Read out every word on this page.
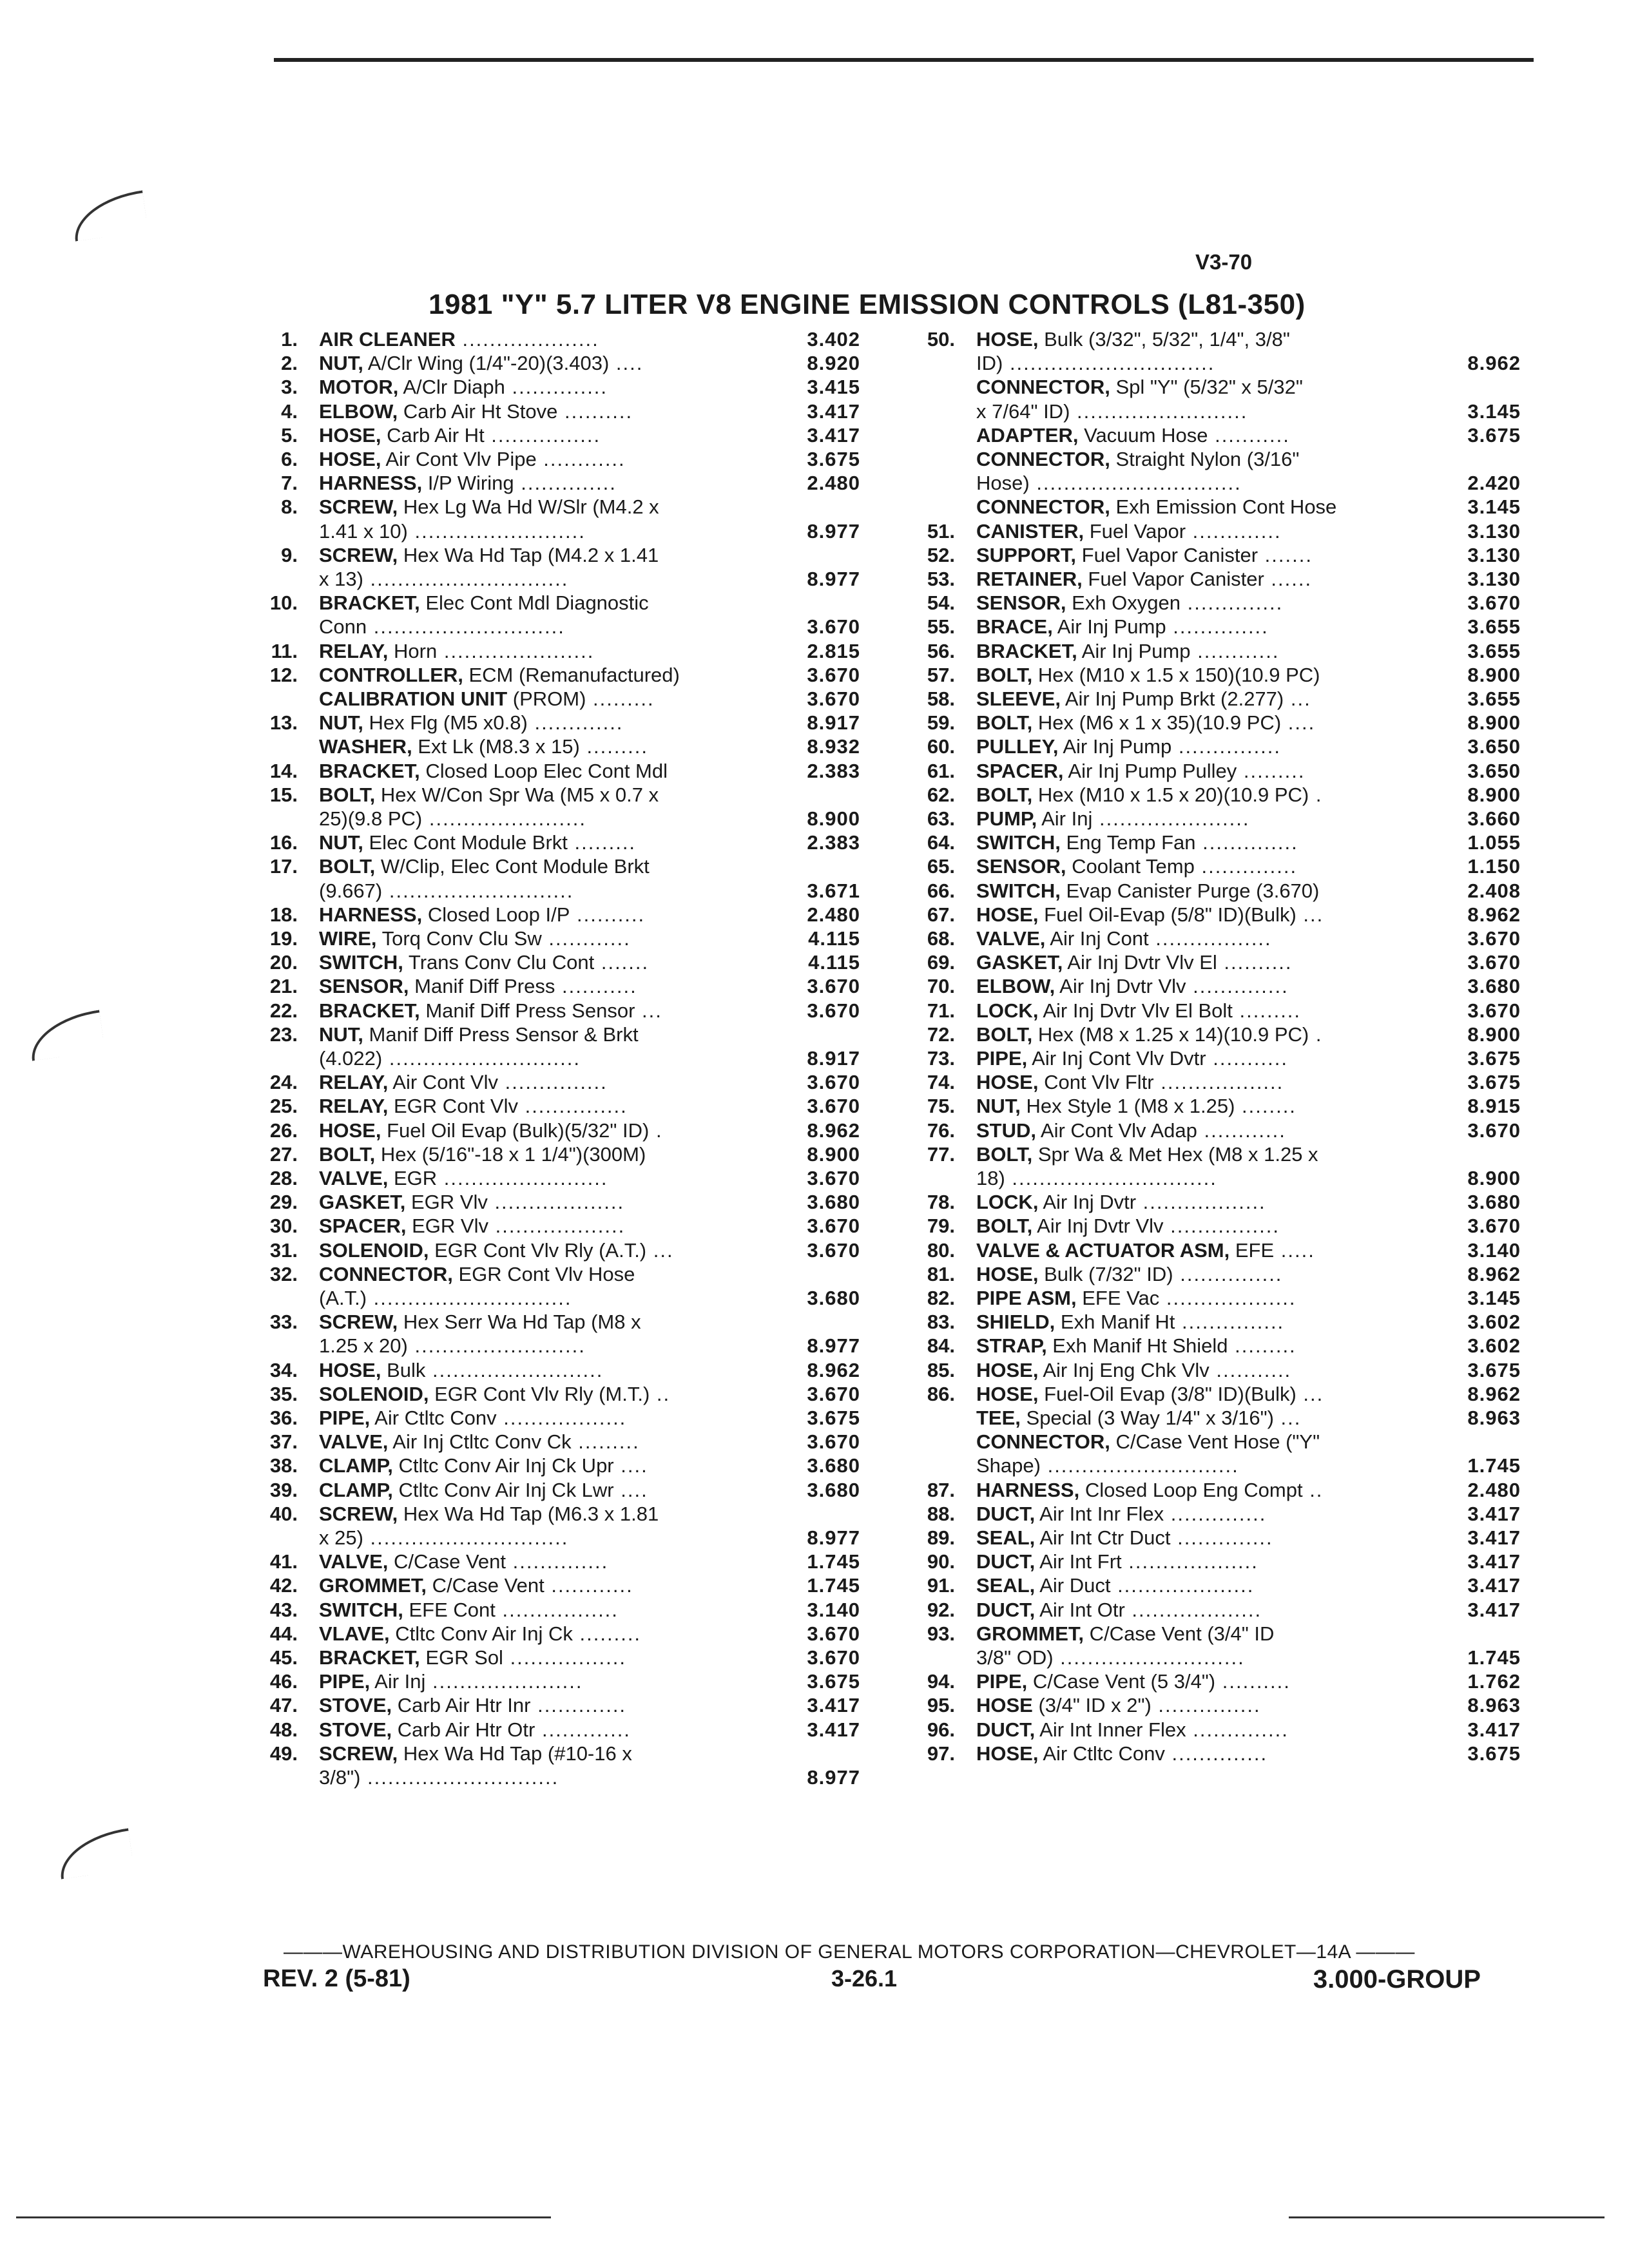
V3-70
1981 "Y" 5.7 LITER V8 ENGINE EMISSION CONTROLS (L81-350)
1. AIR CLEANER ....................	3.402
2. NUT, A/Clr Wing (1/4"-20)(3.403) ....	8.920
3. MOTOR, A/Clr Diaph ..............	3.415
4. ELBOW, Carb Air Ht Stove ..........	3.417
5. HOSE, Carb Air Ht ................	3.417
6. HOSE, Air Cont Vlv Pipe ............	3.675
7. HARNESS, I/P Wiring ..............	2.480
8. SCREW, Hex Lg Wa Hd W/Slr (M4.2 x
1.41 x 10) .........................	8.977
9. SCREW, Hex Wa Hd Tap (M4.2 x 1.41
x 13) .............................	8.977
10. BRACKET, Elec Cont Mdl Diagnostic
Conn ............................	3.670
11. RELAY, Horn ......................	2.815
12. CONTROLLER, ECM (Remanufactured)	3.670
CALIBRATION UNIT (PROM) .........	3.670
13. NUT, Hex Flg (M5 x0.8) .............	8.917
WASHER, Ext Lk (M8.3 x 15) .........	8.932
14. BRACKET, Closed Loop Elec Cont Mdl	2.383
15. BOLT, Hex W/Con Spr Wa (M5 x 0.7 x
25)(9.8 PC) .......................	8.900
16. NUT, Elec Cont Module Brkt .........	2.383
17. BOLT, W/Clip, Elec Cont Module Brkt
(9.667) ...........................	3.671
18. HARNESS, Closed Loop I/P ..........	2.480
19. WIRE, Torq Conv Clu Sw ............	4.115
20. SWITCH, Trans Conv Clu Cont .......	4.115
21. SENSOR, Manif Diff Press ...........	3.670
22. BRACKET, Manif Diff Press Sensor ...	3.670
23. NUT, Manif Diff Press Sensor & Brkt
(4.022) ............................	8.917
24. RELAY, Air Cont Vlv ...............	3.670
25. RELAY, EGR Cont Vlv ...............	3.670
26. HOSE, Fuel Oil Evap (Bulk)(5/32" ID) .	8.962
27. BOLT, Hex (5/16"-18 x 1 1/4")(300M)	8.900
28. VALVE, EGR ........................	3.670
29. GASKET, EGR Vlv ...................	3.680
30. SPACER, EGR Vlv ...................	3.670
31. SOLENOID, EGR Cont Vlv Rly (A.T.) ...	3.670
32. CONNECTOR, EGR Cont Vlv Hose
(A.T.) .............................	3.680
33. SCREW, Hex Serr Wa Hd Tap (M8 x
1.25 x 20) .........................	8.977
34. HOSE, Bulk .........................	8.962
35. SOLENOID, EGR Cont Vlv Rly (M.T.) ..	3.670
36. PIPE, Air Ctltc Conv ..................	3.675
37. VALVE, Air Inj Ctltc Conv Ck .........	3.670
38. CLAMP, Ctltc Conv Air Inj Ck Upr ....	3.680
39. CLAMP, Ctltc Conv Air Inj Ck Lwr ....	3.680
40. SCREW, Hex Wa Hd Tap (M6.3 x 1.81
x 25) .............................	8.977
41. VALVE, C/Case Vent ..............	1.745
42. GROMMET, C/Case Vent ............	1.745
43. SWITCH, EFE Cont .................	3.140
44. VLAVE, Ctltc Conv Air Inj Ck .........	3.670
45. BRACKET, EGR Sol .................	3.670
46. PIPE, Air Inj ......................	3.675
47. STOVE, Carb Air Htr Inr .............	3.417
48. STOVE, Carb Air Htr Otr .............	3.417
49. SCREW, Hex Wa Hd Tap (#10-16 x
3/8") ............................	8.977
50. HOSE, Bulk (3/32", 5/32", 1/4", 3/8"
ID) ..............................	8.962
CONNECTOR, Spl "Y" (5/32" x 5/32"
x 7/64" ID) .........................	3.145
ADAPTER, Vacuum Hose ...........	3.675
CONNECTOR, Straight Nylon (3/16"
Hose) ..............................	2.420
CONNECTOR, Exh Emission Cont Hose	3.145
51. CANISTER, Fuel Vapor .............	3.130
52. SUPPORT, Fuel Vapor Canister .......	3.130
53. RETAINER, Fuel Vapor Canister ......	3.130
54. SENSOR, Exh Oxygen ..............	3.670
55. BRACE, Air Inj Pump ..............	3.655
56. BRACKET, Air Inj Pump ............	3.655
57. BOLT, Hex (M10 x 1.5 x 150)(10.9 PC)	8.900
58. SLEEVE, Air Inj Pump Brkt (2.277) ...	3.655
59. BOLT, Hex (M6 x 1 x 35)(10.9 PC) ....	8.900
60. PULLEY, Air Inj Pump ...............	3.650
61. SPACER, Air Inj Pump Pulley .........	3.650
62. BOLT, Hex (M10 x 1.5 x 20)(10.9 PC) .	8.900
63. PUMP, Air Inj ......................	3.660
64. SWITCH, Eng Temp Fan ..............	1.055
65. SENSOR, Coolant Temp ..............	1.150
66. SWITCH, Evap Canister Purge (3.670)	2.408
67. HOSE, Fuel Oil-Evap (5/8" ID)(Bulk) ...	8.962
68. VALVE, Air Inj Cont .................	3.670
69. GASKET, Air Inj Dvtr Vlv El ..........	3.670
70. ELBOW, Air Inj Dvtr Vlv ..............	3.680
71. LOCK, Air Inj Dvtr Vlv El Bolt .........	3.670
72. BOLT, Hex (M8 x 1.25 x 14)(10.9 PC) .	8.900
73. PIPE, Air Inj Cont Vlv Dvtr ...........	3.675
74. HOSE, Cont Vlv Fltr ..................	3.675
75. NUT, Hex Style 1 (M8 x 1.25) ........	8.915
76. STUD, Air Cont Vlv Adap ............	3.670
77. BOLT, Spr Wa & Met Hex (M8 x 1.25 x
18) ..............................	8.900
78. LOCK, Air Inj Dvtr ..................	3.680
79. BOLT, Air Inj Dvtr Vlv ................	3.670
80. VALVE & ACTUATOR ASM, EFE .....	3.140
81. HOSE, Bulk (7/32" ID) ...............	8.962
82. PIPE ASM, EFE Vac ...................	3.145
83. SHIELD, Exh Manif Ht ...............	3.602
84. STRAP, Exh Manif Ht Shield .........	3.602
85. HOSE, Air Inj Eng Chk Vlv ...........	3.675
86. HOSE, Fuel-Oil Evap (3/8" ID)(Bulk) ...	8.962
TEE, Special (3 Way 1/4" x 3/16") ...	8.963
CONNECTOR, C/Case Vent Hose ("Y"
Shape) ............................	1.745
87. HARNESS, Closed Loop Eng Compt ..	2.480
88. DUCT, Air Int Inr Flex ..............	3.417
89. SEAL, Air Int Ctr Duct ..............	3.417
90. DUCT, Air Int Frt ...................	3.417
91. SEAL, Air Duct ....................	3.417
92. DUCT, Air Int Otr ...................	3.417
93. GROMMET, C/Case Vent (3/4" ID
3/8" OD) ...........................	1.745
94. PIPE, C/Case Vent (5 3/4") ..........	1.762
95. HOSE (3/4" ID x 2") ...............	8.963
96. DUCT, Air Int Inner Flex ..............	3.417
97. HOSE, Air Ctltc Conv ..............	3.675
———WAREHOUSING AND DISTRIBUTION DIVISION OF GENERAL MOTORS CORPORATION—CHEVROLET—14A ———
REV. 2 (5-81)	3-26.1	3.000-GROUP
